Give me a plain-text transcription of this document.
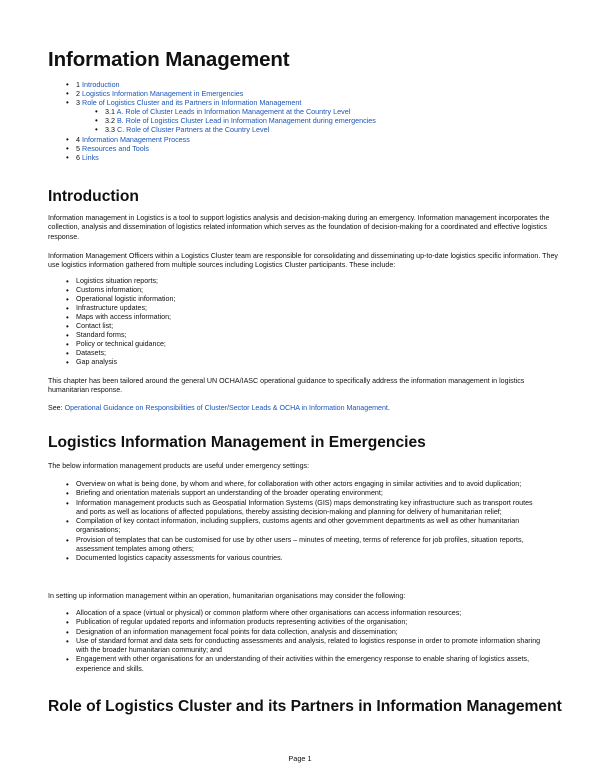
Information Management
• 1 Introduction
• 2 Logistics Information Management in Emergencies
• 3 Role of Logistics Cluster and its Partners in Information Management
• 3.1 A. Role of Cluster Leads in Information Management at the Country Level
• 3.2 B. Role of Logistics Cluster Lead in Information Management during emergencies
• 3.3 C. Role of Cluster Partners at the Country Level
• 4 Information Management Process
• 5 Resources and Tools
• 6 Links
Introduction

Information management in Logistics is a tool to support logistics analysis and decision-making during an emergency. Information management incorporates the collection, analysis and dissemination of logistics related information which serves as the foundation of decision-making for a coordinated and effective logistics response.

Information Management Officers within a Logistics Cluster team are responsible for consolidating and disseminating up-to-date logistics specific information. They use logistics information gathered from multiple sources including Logistics Cluster participants. These include:

• Logistics situation reports;
• Customs information;
• Operational logistic information;
• Infrastructure updates;
• Maps with access information;
• Contact list;
• Standard forms;
• Policy or technical guidance;
• Datasets;
• Gap analysis

This chapter has been tailored around the general UN OCHA/IASC operational guidance to specifically address the information management in logistics humanitarian response.

See: Operational Guidance on Responsibilities of Cluster/Sector Leads & OCHA in Information Management.

Logistics Information Management in Emergencies

The below information management products are useful under emergency settings:

• Overview on what is being done, by whom and where, for collaboration with other actors engaging in similar activities and to avoid duplication;
• Briefing and orientation materials support an understanding of the broader operating environment;
• Information management products such as Geospatial Information Systems (GIS) maps demonstrating key infrastructure such as transport routes and ports as well as locations of affected populations, thereby assisting decision-making and planning for delivery of humanitarian relief;
• Compilation of key contact information, including suppliers, customs agents and other government departments as well as other humanitarian organisations;
• Provision of templates that can be customised for use by other users – minutes of meeting, terms of reference for job profiles, situation reports, assessment templates among others;
• Documented logistics capacity assessments for various countries.

In setting up information management within an operation, humanitarian organisations may consider the following:

• Allocation of a space (virtual or physical) or common platform where other organisations can access information resources;
• Publication of regular updated reports and information products representing activities of the organisation;
• Designation of an information management focal points for data collection, analysis and dissemination;
• Use of standard format and data sets for conducting assessments and analysis, related to logistics response in order to promote information sharing with the broader humanitarian community; and
• Engagement with other organisations for an understanding of their activities within the emergency response to enable sharing of logistics assets, experience and skills.
Role of Logistics Cluster and its Partners in Information Management
Page 1
